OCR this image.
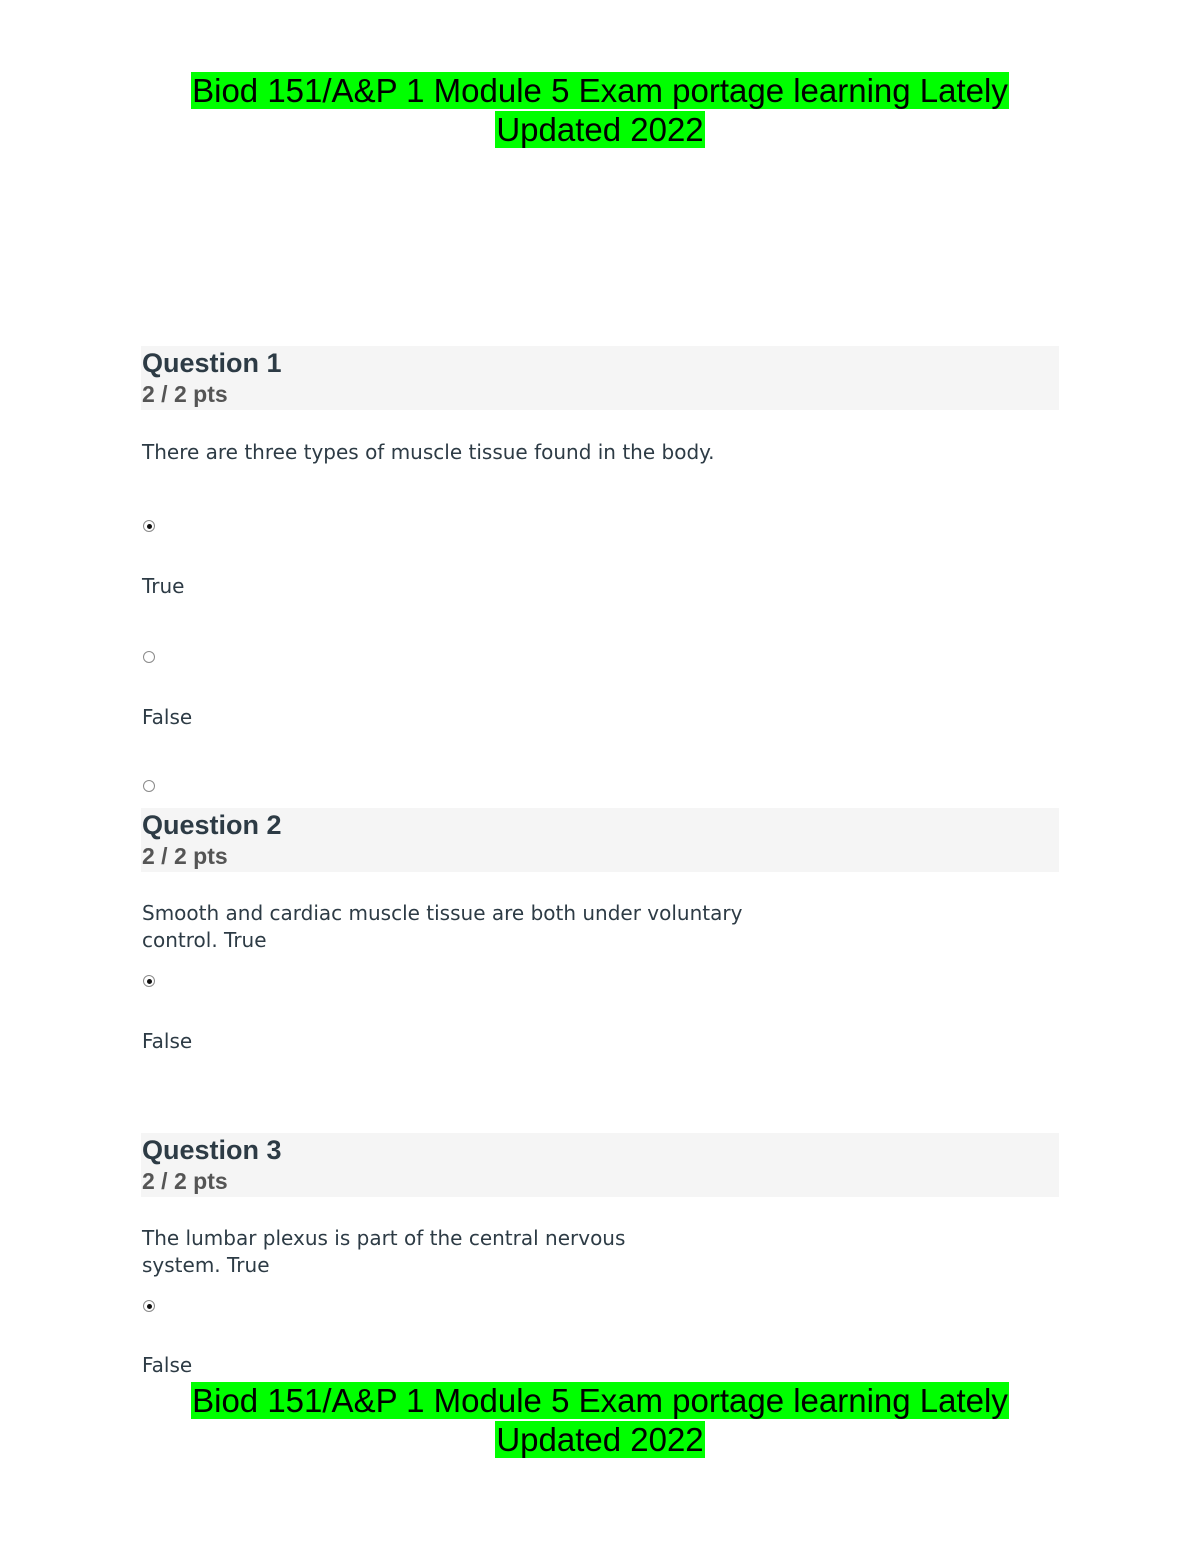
Biod 151/A&P 1 Module 5 Exam portage learning Lately
Updated 2022
Question 1
2 / 2 pts
There are three types of muscle tissue found in the body.
True
False
Question 2
2 / 2 pts
Smooth and cardiac muscle tissue are both under voluntary
control. True
False
Question 3
2 / 2 pts
The lumbar plexus is part of the central nervous
system. True
False
Biod 151/A&P 1 Module 5 Exam portage learning Lately
Updated 2022
